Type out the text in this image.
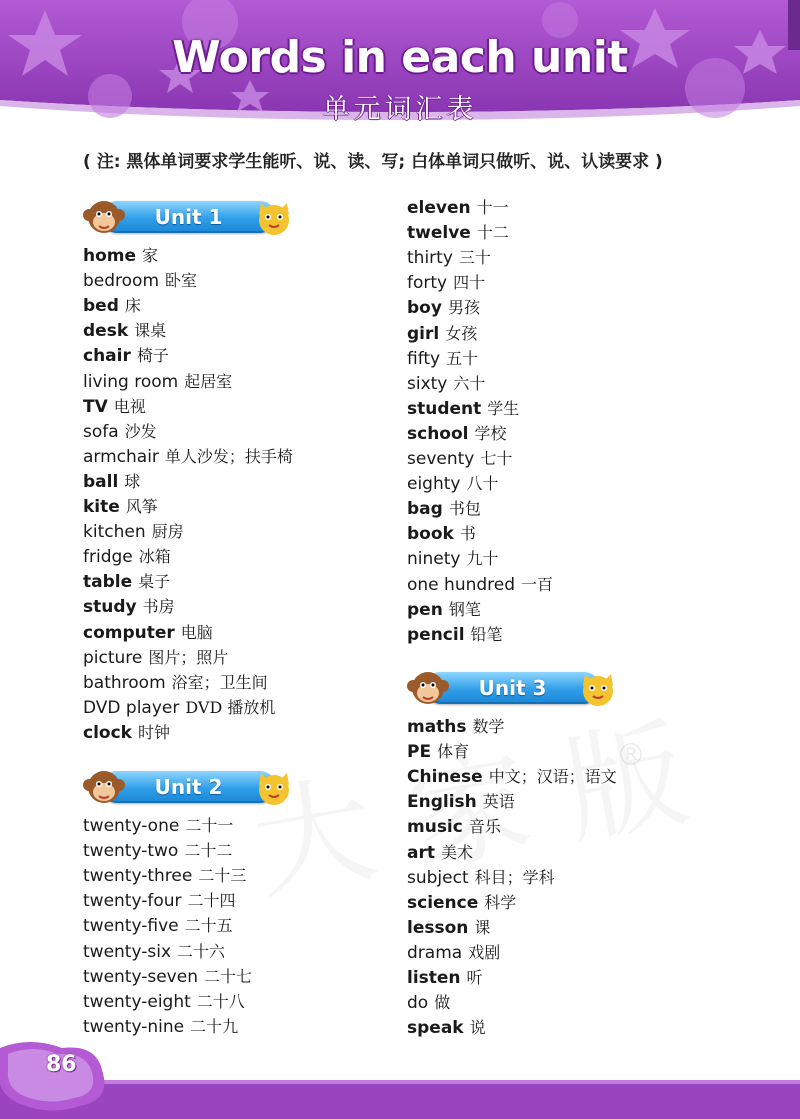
Words in each unit
单元词汇表
( 注: 黑体单词要求学生能听、说、读、写; 白体单词只做听、说、认读要求 )
®
Unit 1
Unit 2
Unit 3
home 家
bedroom 卧室
bed 床
desk 课桌
chair 椅子
living room 起居室
TV 电视
sofa 沙发
armchair 单人沙发；扶手椅
ball 球
kite 风筝
kitchen 厨房
fridge 冰箱
table 桌子
study 书房
computer 电脑
picture 图片；照片
bathroom 浴室；卫生间
DVD player DVD 播放机
clock 时钟
twenty-one 二十一
twenty-two 二十二
twenty-three 二十三
twenty-four 二十四
twenty-five 二十五
twenty-six 二十六
twenty-seven 二十七
twenty-eight 二十八
twenty-nine 二十九
eleven 十一
twelve 十二
thirty 三十
forty 四十
boy 男孩
girl 女孩
fifty 五十
sixty 六十
student 学生
school 学校
seventy 七十
eighty 八十
bag 书包
book 书
ninety 九十
one hundred 一百
pen 钢笔
pencil 铅笔
maths 数学
PE 体育
Chinese 中文；汉语；语文
English 英语
music 音乐
art 美术
subject 科目；学科
science 科学
lesson 课
drama 戏剧
listen 听
do 做
speak 说
86
